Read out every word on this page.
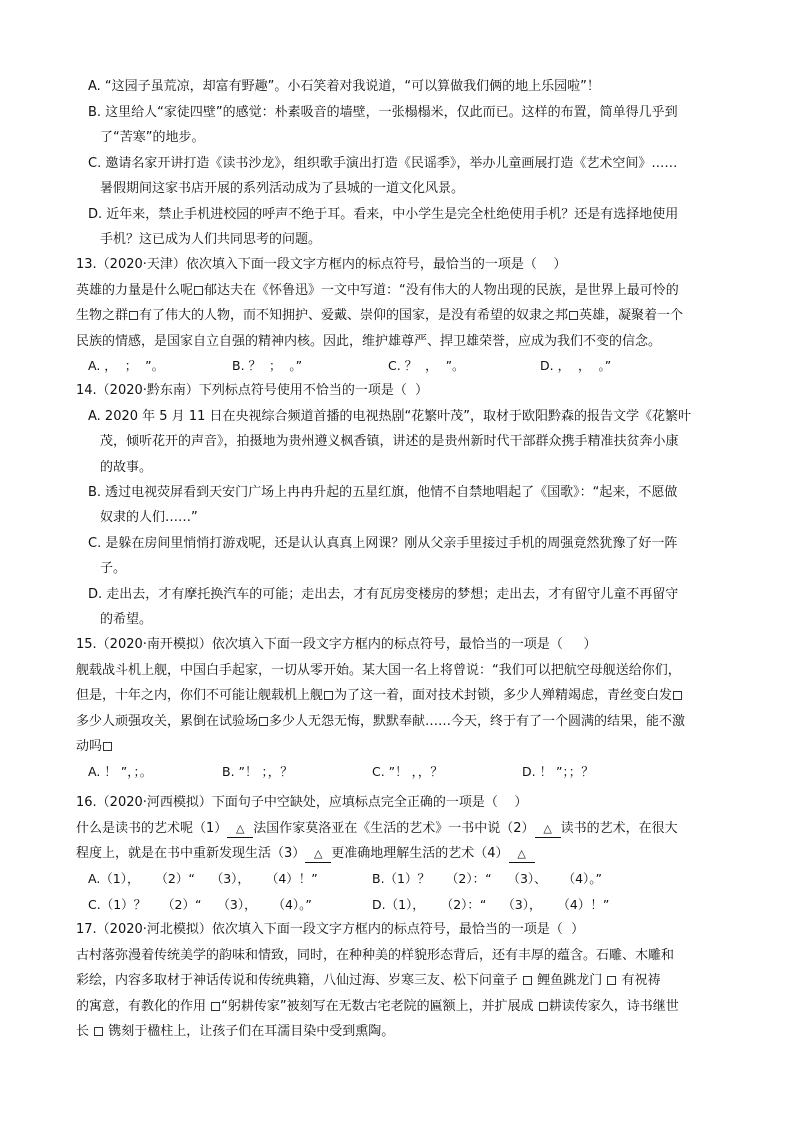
A. “这园子虽荒凉，却富有野趣”。小石笑着对我说道，“可以算做我们俩的地上乐园啦”！
B. 这里给人“家徒四壁”的感觉：朴素吸音的墙壁，一张榻榻米，仅此而已。这样的布置，简单得几乎到
了“苦寒”的地步。
C. 邀请名家开讲打造《读书沙龙》，组织歌手演出打造《民谣季》，举办儿童画展打造《艺术空间》……
暑假期间这家书店开展的系列活动成为了县城的一道文化风景。
D. 近年来，禁止手机进校园的呼声不绝于耳。看来，中小学生是完全杜绝使用手机？还是有选择地使用
手机？这已成为人们共同思考的问题。
13.（2020·天津）依次填入下面一段文字方框内的标点符号，最恰当的一项是（    ）
英雄的力量是什么呢 郁达夫在《怀鲁迅》一文中写道：“没有伟大的人物出现的民族，是世界上最可怜的
生物之群 有了伟大的人物，而不知拥护、爱戴、崇仰的国家，是没有希望的奴隶之邦 英雄，凝聚着一个
民族的情感，是国家自立自强的精神内核。因此，维护雄尊严、捍卫雄荣誉，应成为我们不变的信念。
A. ，  ；  ”。	B. ？  ；  。”	C. ？  ，  ”。	D. ，  ，  。”
14.（2020·黔东南）下列标点符号使用不恰当的一项是（  ）
A. 2020 年 5 月 11 日在央视综合频道首播的电视热剧“花繁叶茂”，取材于欧阳黔森的报告文学《花繁叶
茂，倾听花开的声音》，拍摄地为贵州遵义枫香镇，讲述的是贵州新时代干部群众携手精准扶贫奔小康
的故事。
B. 透过电视荧屏看到天安门广场上冉冉升起的五星红旗，他情不自禁地唱起了《国歌》：“起来，不愿做
奴隶的人们……”
C. 是躲在房间里悄悄打游戏呢，还是认认真真上网课？刚从父亲手里接过手机的周强竟然犹豫了好一阵
子。
D. 走出去，才有摩托换汽车的可能；走出去，才有瓦房变楼房的梦想；走出去，才有留守儿童不再留守
的希望。
15.（2020·南开模拟）依次填入下面一段文字方框内的标点符号，最恰当的一项是（     ）
舰载战斗机上舰，中国白手起家，一切从零开始。某大国一名上将曾说：“我们可以把航空母舰送给你们，
但是，十年之内，你们不可能让舰载机上舰 为了这一着，面对技术封锁，多少人殚精竭虑，青丝变白发
多少人顽强攻关，累倒在试验场 多少人无怨无悔，默默奉献……今天，终于有了一个圆满的结果，能不激
动吗
A. ！ ”，；。	B. ”！ ；，？	C. ”！ ，，？	D. ！ ”；；？
16.（2020·河西模拟）下面句子中空缺处，应填标点完全正确的一项是（    ）
什么是读书的艺术呢（1） △ 法国作家莫洛亚在《生活的艺术》一书中说（2） △ 读书的艺术，在很大
程度上，就是在书中重新发现生活（3） △ 更准确地理解生活的艺术（4） △
A.（1），    （2）“    （3），    （4）！”	B.（1）？    （2）：“    （3）、    （4）。”
C.（1）？    （2）“    （3），    （4）。”	D.（1），    （2）：“    （3），    （4）！”
17.（2020·河北模拟）依次填入下面一段文字方框内的标点符号，最恰当的一项是（  ）
古村落弥漫着传统美学的韵味和情致，同时，在种种美的样貌形态背后，还有丰厚的蕴含。石雕、木雕和
彩绘，内容多取材于神话传说和传统典籍，八仙过海、岁寒三友、松下问童子  鲤鱼跳龙门  有祝祷
的寓意，有教化的作用 “躬耕传家”被刻写在无数古宅老院的匾额上，并扩展成 耕读传家久，诗书继世
长  镌刻于楹柱上，让孩子们在耳濡目染中受到熏陶。
